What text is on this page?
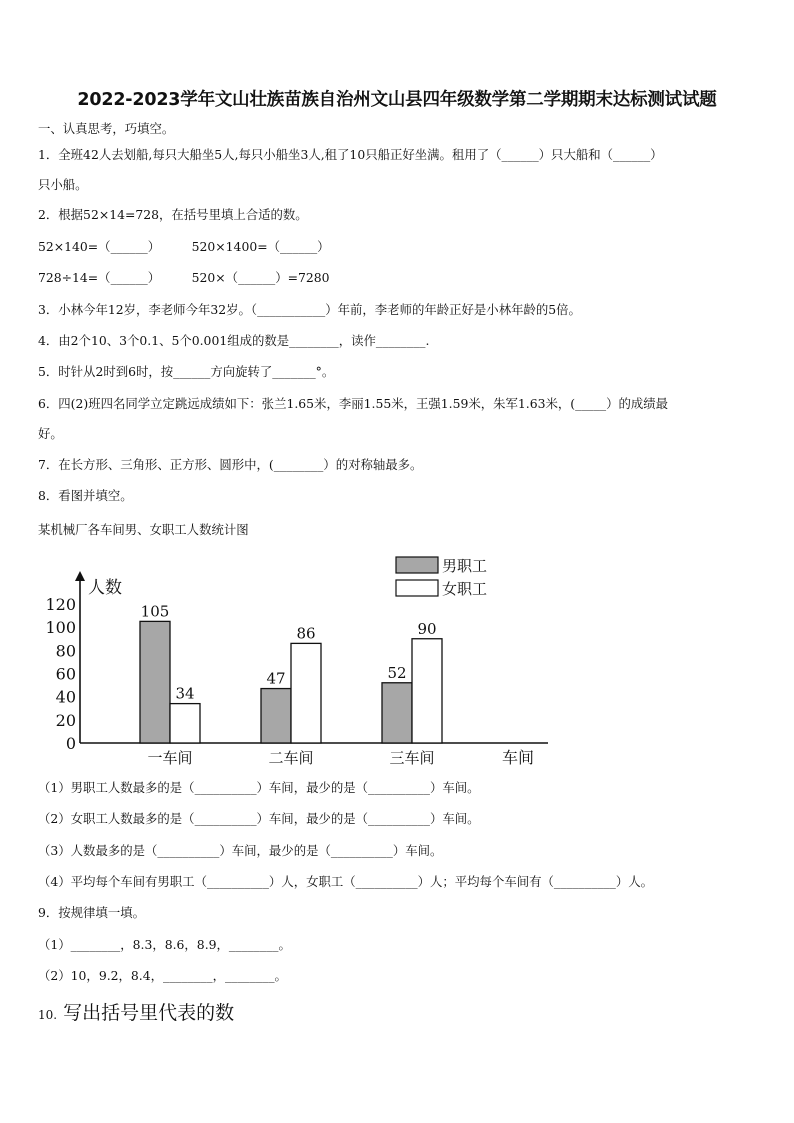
2022-2023学年文山壮族苗族自治州文山县四年级数学第二学期期末达标测试试题
一、认真思考，巧填空。
1．全班42人去划船,每只大船坐5人,每只小船坐3人,租了10只船正好坐满。租用了（______）只大船和（______）
只小船。
2．根据52×14=728，在括号里填上合适的数。
52×140=（______）        520×1400=（______）
728÷14=（______）        520×（______）=7280
3．小林今年12岁，李老师今年32岁。（___________）年前，李老师的年龄正好是小林年龄的5倍。
4．由2个10、3个0.1、5个0.001组成的数是________，读作________.
5．时针从2时到6时，按______方向旋转了_______°。
6．四(2)班四名同学立定跳远成绩如下：张兰1.65米，李丽1.55米，王强1.59米，朱军1.63米，(_____）的成绩最
好。
7．在长方形、三角形、正方形、圆形中，(________）的对称轴最多。
8．看图并填空。
某机械厂各车间男、女职工人数统计图
人数
车间
0
20
40
60
80
100
120	105
34
47
86
52
90
一车间	二车间	三车间
男职工
女职工
（1）男职工人数最多的是（__________）车间，最少的是（__________）车间。
（2）女职工人数最多的是（__________）车间，最少的是（__________）车间。
（3）人数最多的是（__________）车间，最少的是（__________）车间。
（4）平均每个车间有男职工（__________）人，女职工（__________）人；平均每个车间有（__________）人。
9．按规律填一填。
（1）________，8.3，8.6，8.9，________。
（2）10，9.2，8.4，________，________。
10. 写出括号里代表的数
